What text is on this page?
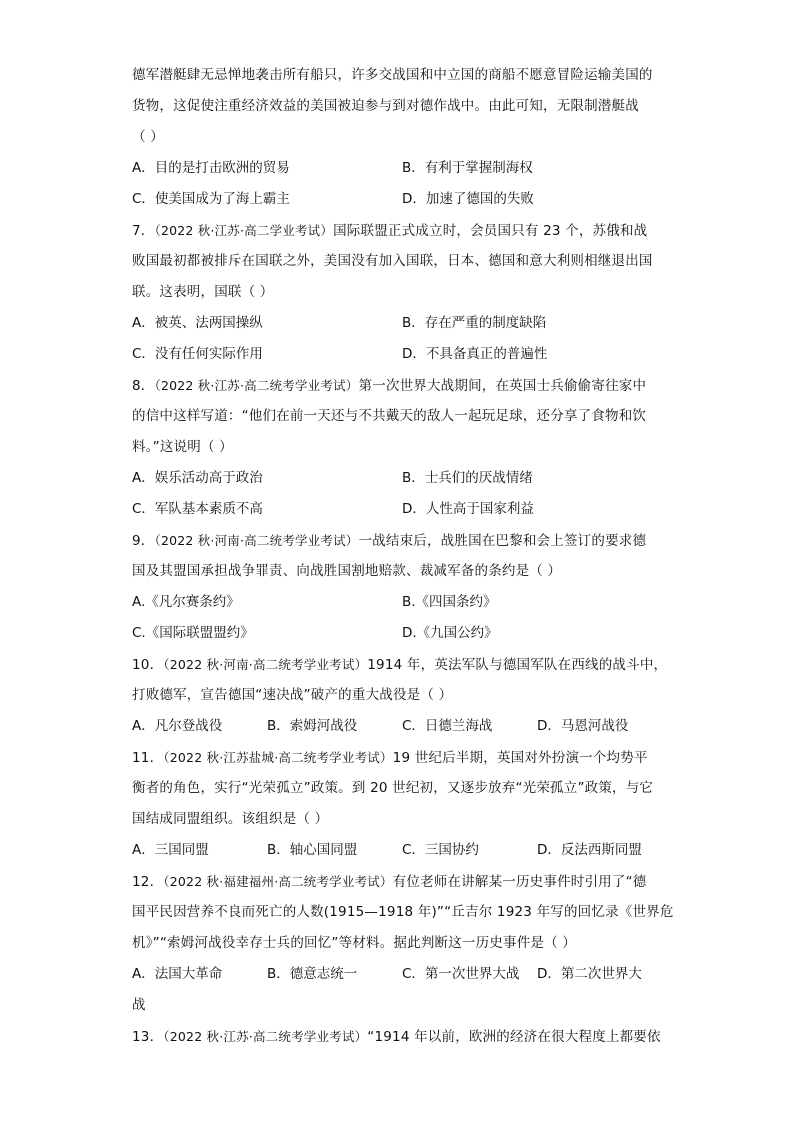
德军潜艇肆无忌惮地袭击所有船只，许多交战国和中立国的商船不愿意冒险运输美国的
货物，这促使注重经济效益的美国被迫参与到对德作战中。由此可知，无限制潜艇战
（ ）
A．目的是打击欧洲的贸易	B．有利于掌握制海权
C．使美国成为了海上霸主	D．加速了德国的失败
7．（2022 秋·江苏·高二学业考试）国际联盟正式成立时，会员国只有 23 个，苏俄和战
败国最初都被排斥在国联之外，美国没有加入国联，日本、德国和意大利则相继退出国
联。这表明，国联（ ）
A．被英、法两国操纵	B．存在严重的制度缺陷
C．没有任何实际作用	D．不具备真正的普遍性
8．（2022 秋·江苏·高二统考学业考试）第一次世界大战期间，在英国士兵偷偷寄往家中
的信中这样写道：“他们在前一天还与不共戴天的敌人一起玩足球，还分享了食物和饮
料。”这说明（ ）
A．娱乐活动高于政治	B．士兵们的厌战情绪
C．军队基本素质不高	D．人性高于国家利益
9．（2022 秋·河南·高二统考学业考试）一战结束后，战胜国在巴黎和会上签订的要求德
国及其盟国承担战争罪责、向战胜国割地赔款、裁减军备的条约是（ ）
A.《凡尔赛条约》	B.《四国条约》
C.《国际联盟盟约》	D.《九国公约》
10．（2022 秋·河南·高二统考学业考试）1914 年，英法军队与德国军队在西线的战斗中，
打败德军，宣告德国“速决战”破产的重大战役是（ ）
A．凡尔登战役	B．索姆河战役	C．日德兰海战	D．马恩河战役
11．（2022 秋·江苏盐城·高二统考学业考试）19 世纪后半期，英国对外扮演一个均势平
衡者的角色，实行“光荣孤立”政策。到 20 世纪初，又逐步放弃“光荣孤立”政策，与它
国结成同盟组织。该组织是（ ）
A．三国同盟	B．轴心国同盟	C．三国协约	D．反法西斯同盟
12．（2022 秋·福建福州·高二统考学业考试）有位老师在讲解某一历史事件时引用了“德
国平民因营养不良而死亡的人数(1915—1918 年)”“丘吉尔 1923 年写的回忆录《世界危
机》”“索姆河战役幸存士兵的回忆”等材料。据此判断这一历史事件是（ ）
A．法国大革命	B．德意志统一	C．第一次世界大战	D．第二次世界大
战
13．（2022 秋·江苏·高二统考学业考试）“1914 年以前，欧洲的经济在很大程度上都要依
